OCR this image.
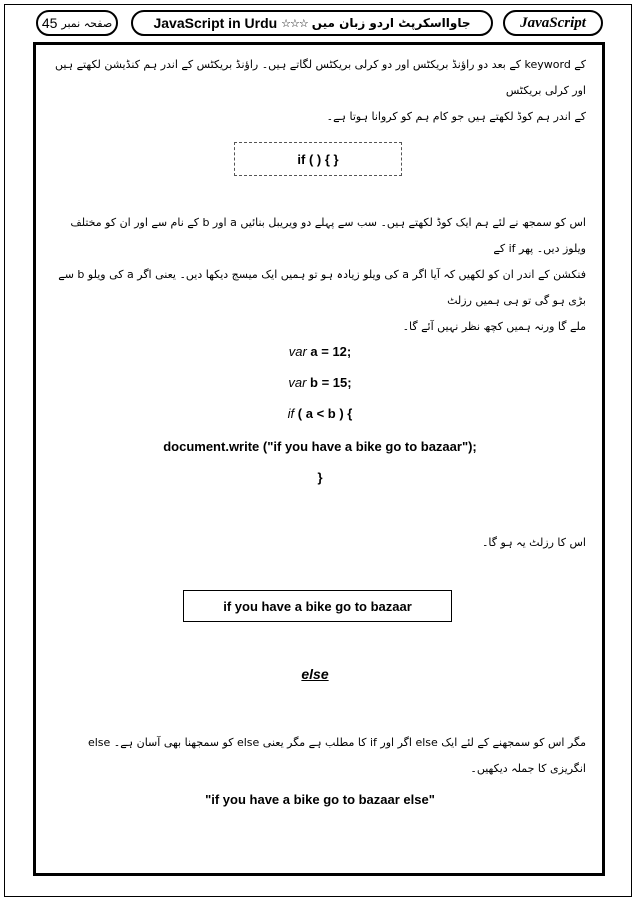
45 صفحہ نمبر	JavaScript in Urdu ☆☆☆ جاوااسکرپٹ اردو زبان میں	JavaScript
کے keyword کے بعد دو راؤنڈ بریکٹس اور دو کرلی بریکٹس لگاتے ہیں۔ راؤنڈ بریکٹس کے اندر ہم کنڈیشن لکھتے ہیں اور کرلی بریکٹس
کے اندر ہم کوڈ لکھتے ہیں جو کام ہم کو کروانا ہوتا ہے۔
if ( ) { }
اس کو سمجھ نے لئے ہم ایک کوڈ لکھتے ہیں۔ سب سے پہلے دو ویریبل بنائیں a اور b کے نام سے اور ان کو مختلف ویلوز دیں۔ پھر if کے
فنکشن کے اندر ان کو لکھیں کہ آیا اگر a کی ویلو زیادہ ہو تو ہمیں ایک میسج دیکھا دیں۔ یعنی اگر a کی ویلو b سے بڑی ہو گی تو ہی ہمیں رزلٹ
ملے گا ورنہ ہمیں کچھ نظر نہیں آئے گا۔
var a = 12;
var b = 15;
if ( a < b ) {
document.write ("if you have a bike go to bazaar");
}
اس کا رزلٹ یہ ہو گا۔
if you have a bike go to bazaar
else
else کو سمجھنا بھی آسان ہے۔ else کا مطلب ہے مگر یعنی if اگر اور else مگر اس کو سمجھنے کے لئے ایک انگریزی کا جملہ دیکھیں۔
"if you have a bike go to bazaar else"
